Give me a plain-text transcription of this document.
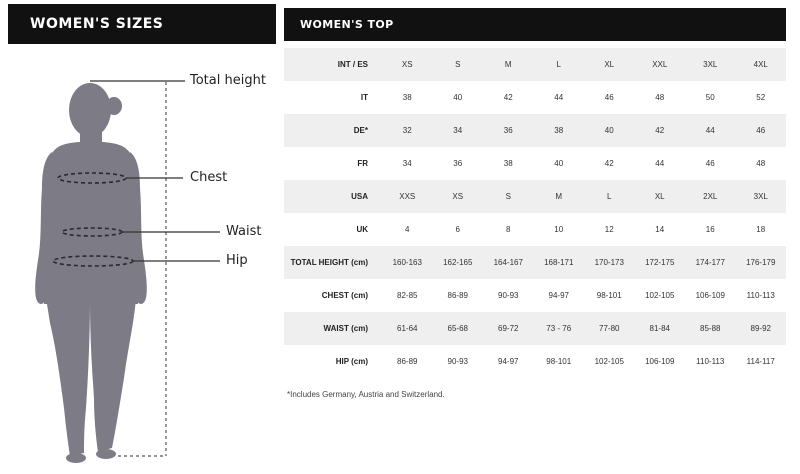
WOMEN'S SIZES
Total height
Chest
Waist
Hip
WOMEN'S TOP
INT / ES	XS	S	M	L	XL	XXL	3XL	4XL
IT	38	40	42	44	46	48	50	52
DE*	32	34	36	38	40	42	44	46
FR	34	36	38	40	42	44	46	48
USA	XXS	XS	S	M	L	XL	2XL	3XL
UK	4	6	8	10	12	14	16	18
TOTAL HEIGHT (cm)	160-163	162-165	164-167	168-171	170-173	172-175	174-177	176-179
CHEST (cm)	82-85	86-89	90-93	94-97	98-101	102-105	106-109	110-113
WAIST (cm)	61-64	65-68	69-72	73 - 76	77-80	81-84	85-88	89-92
HIP (cm)	86-89	90-93	94-97	98-101	102-105	106-109	110-113	114-117
*Includes Germany, Austria and Switzerland.
